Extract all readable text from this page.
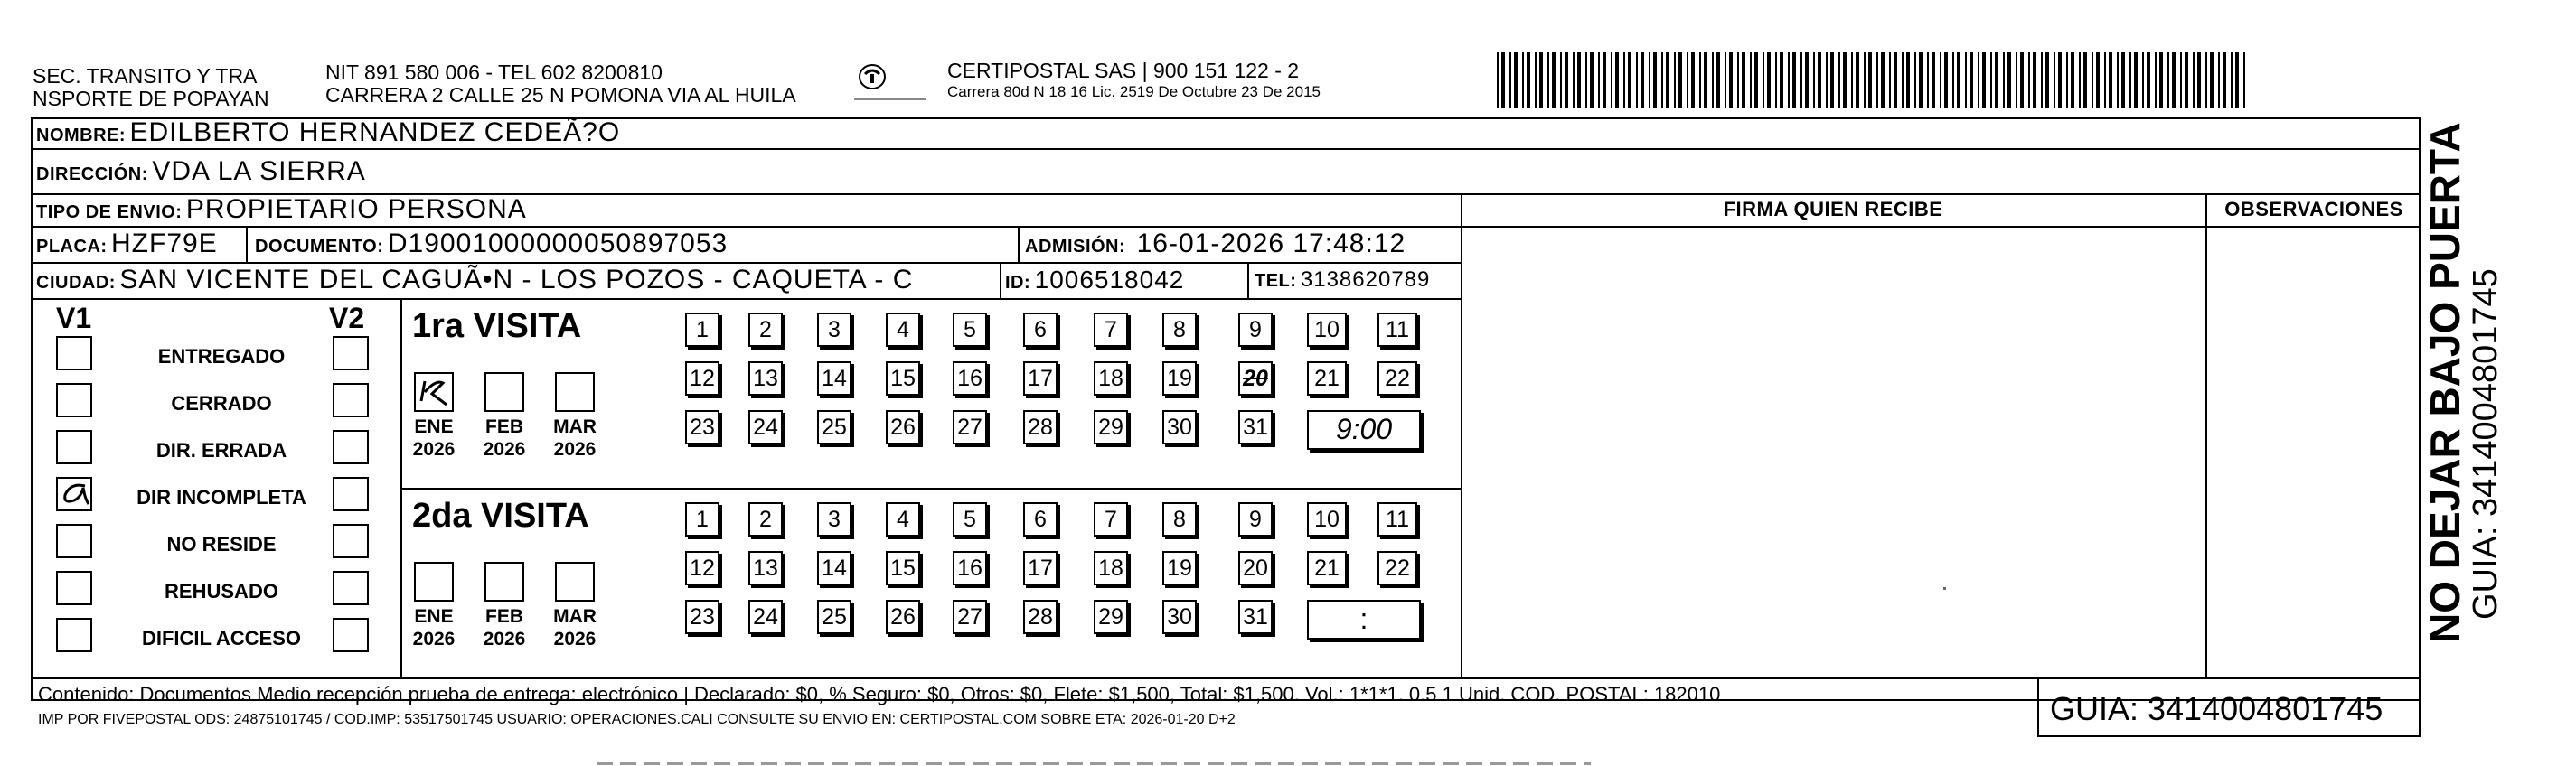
SEC. TRANSITO Y TRA
NSPORTE DE POPAYAN
NIT 891 580 006 - TEL 602 8200810
CARRERA 2 CALLE 25 N POMONA VIA AL HUILA
CERTIPOSTAL SAS | 900 151 122 - 2
Carrera 80d N 18 16 Lic. 2519 De Octubre 23 De 2015
NOMBRE: EDILBERTO HERNANDEZ CEDEÃ?O
DIRECCIÓN: VDA LA SIERRA
TIPO DE ENVIO: PROPIETARIO PERSONA
PLACA: HZF79E DOCUMENTO: D19001000000050897053	ADMISIÓN: 16-01-2026 17:48:12
CIUDAD: SAN VICENTE DEL CAGUÃ•N - LOS POZOS - CAQUETA - C	ID: 1006518042	TEL: 3138620789
FIRMA QUIEN RECIBE	OBSERVACIONES
V1	V2
ENTREGADO
CERRADO
DIR. ERRADA
DIR INCOMPLETA
NO RESIDE
REHUSADO
DIFICIL ACCESO
1ra VISITA
2da VISITA
ENE
2026
FEB
2026
MAR
2026
1	2	3	4	5	6	7	8	9	10	11
12 13 14 15 16 17 18 19 20	21	22
23 24 25 26 27 28 29 30 31	9:00
ENE
2026
FEB
2026
MAR
2026
1	2	3	4	5	6	7	8	9	10	11
12 13 14 15 16 17 18 19 20	21	22
23 24 25 26 27 28 29 30 31	:	NO DEJAR BAJO PUERTA
GUIA: 3414004801745
Contenido: Documentos Medio recepción prueba de entrega: electrónico | Declarado: $0, % Seguro: $0, Otros: $0, Flete: $1,500, Total: $1,500. Vol.: 1*1*1. 0.5 1 Unid. COD. POSTAL: 182010
IMP POR FIVEPOSTAL ODS: 24875101745 / COD.IMP: 53517501745 USUARIO: OPERACIONES.CALI CONSULTE SU ENVIO EN: CERTIPOSTAL.COM SOBRE ETA: 2026-01-20 D+2	GUIA: 3414004801745
